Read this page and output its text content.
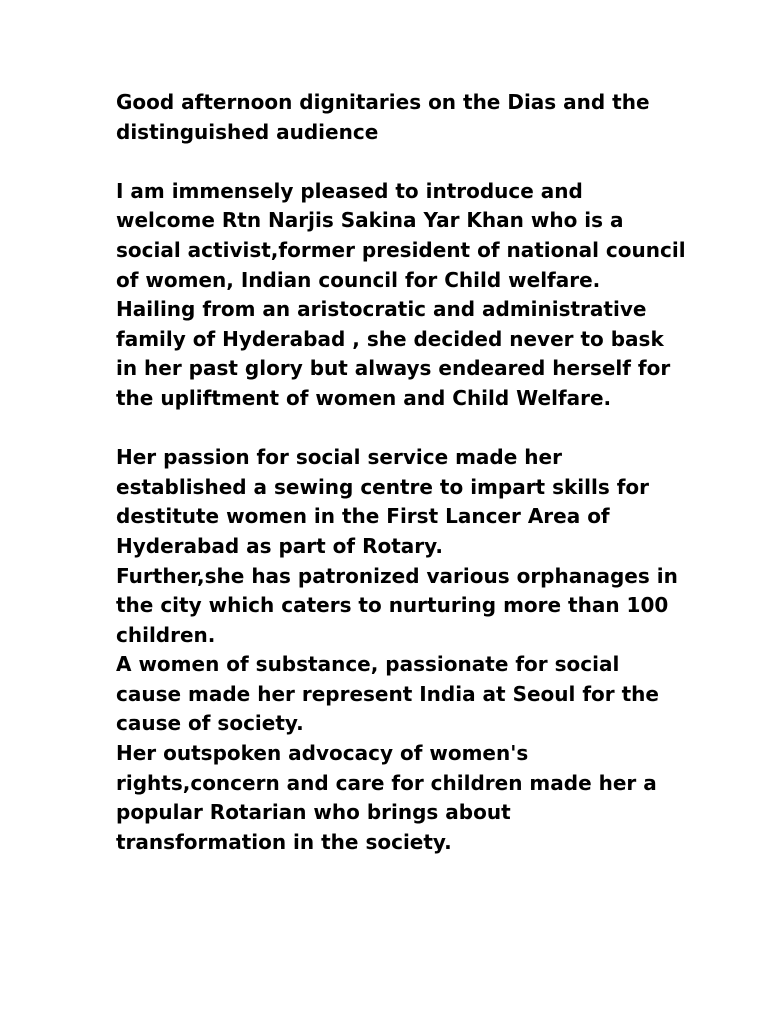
Good afternoon dignitaries on the Dias and the
distinguished audience

I am immensely pleased to introduce and
welcome Rtn Narjis Sakina Yar Khan who is a
social activist,former president of national council
of women, Indian council for Child welfare.
Hailing from an aristocratic and administrative
family of Hyderabad , she decided never to bask
in her past glory but always endeared herself for
the upliftment of women and Child Welfare.

Her passion for social service made her
established a sewing centre to impart skills for
destitute women in the First Lancer Area of
Hyderabad as part of Rotary.
Further,she has patronized various orphanages in
the city which caters to nurturing more than 100
children.
A women of substance, passionate for social
cause made her represent India at Seoul for the
cause of society.
Her outspoken advocacy of women's
rights,concern and care for children made her a
popular Rotarian who brings about
transformation in the society.
